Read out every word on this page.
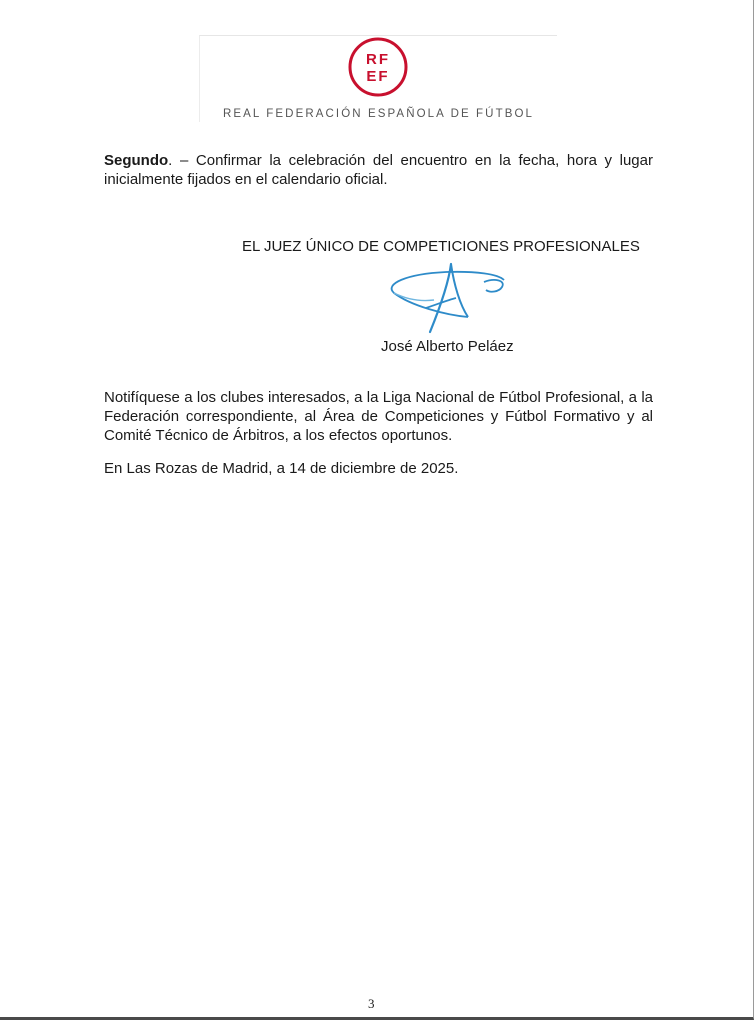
RF
EF
REAL FEDERACIÓN ESPAÑOLA DE FÚTBOL

Segundo. – Confirmar la celebración del encuentro en la fecha, hora y lugar inicialmente fijados en el calendario oficial.

EL JUEZ ÚNICO DE COMPETICIONES PROFESIONALES
José Alberto Peláez

Notifíquese a los clubes interesados, a la Liga Nacional de Fútbol Profesional, a la Federación correspondiente, al Área de Competiciones y Fútbol Formativo y al Comité Técnico de Árbitros, a los efectos oportunos.

En Las Rozas de Madrid, a 14 de diciembre de 2025.

3
